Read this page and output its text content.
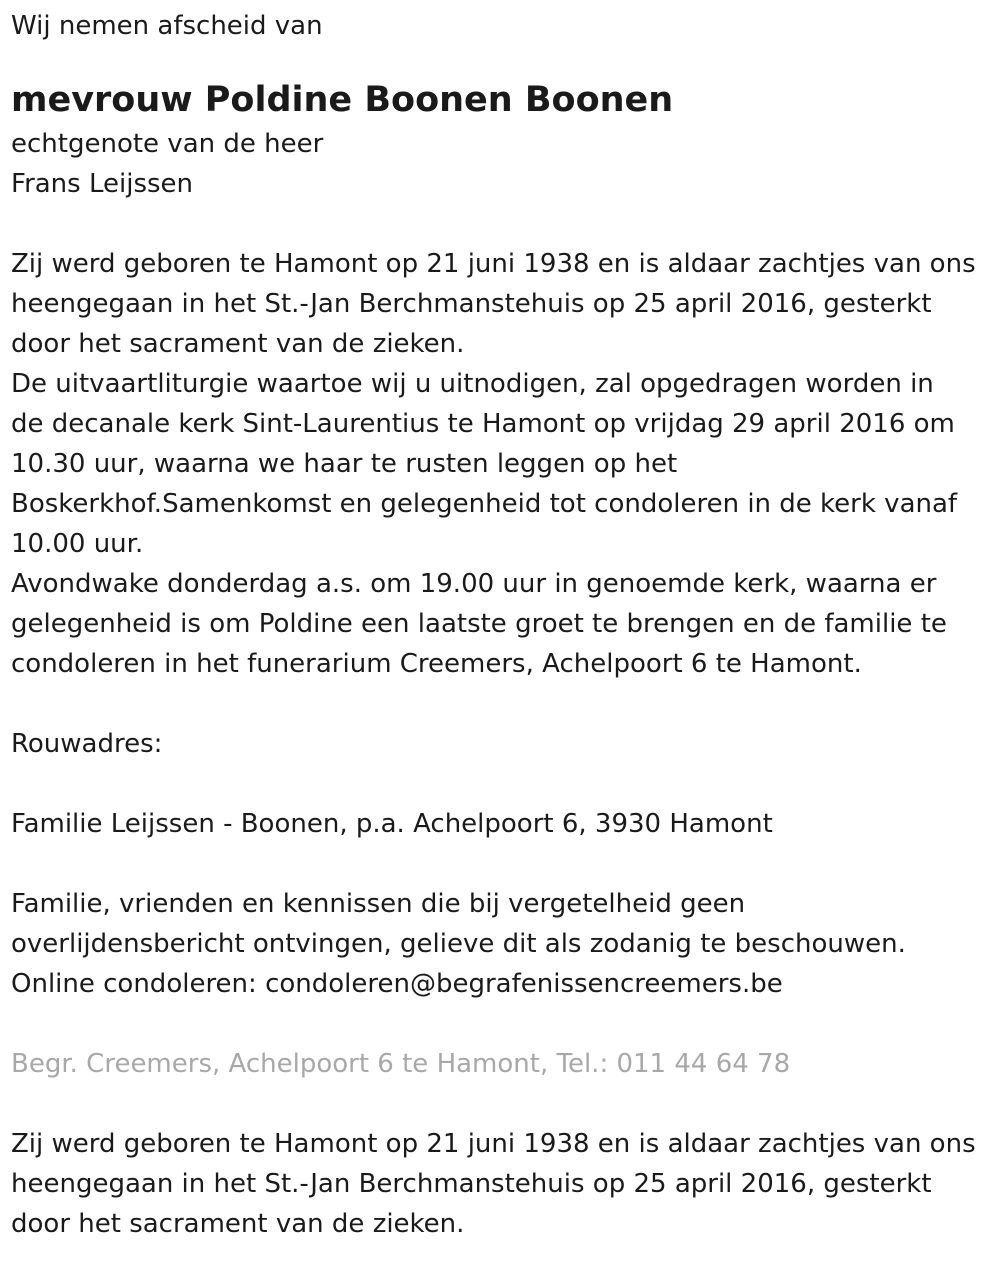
Wij nemen afscheid van

mevrouw Poldine Boonen Boonen

echtgenote van de heer

Frans Leijssen

Zij werd geboren te Hamont op 21 juni 1938 en is aldaar zachtjes van ons

heengegaan in het St.-Jan Berchmanstehuis op 25 april 2016, gesterkt

door het sacrament van de zieken.

De uitvaartliturgie waartoe wij u uitnodigen, zal opgedragen worden in

de decanale kerk Sint-Laurentius te Hamont op vrijdag 29 april 2016 om

10.30 uur, waarna we haar te rusten leggen op het

Boskerkhof.Samenkomst en gelegenheid tot condoleren in de kerk vanaf

10.00 uur.

Avondwake donderdag a.s. om 19.00 uur in genoemde kerk, waarna er

gelegenheid is om Poldine een laatste groet te brengen en de familie te

condoleren in het funerarium Creemers, Achelpoort 6 te Hamont.

Rouwadres:

Familie Leijssen - Boonen, p.a. Achelpoort 6, 3930 Hamont

Familie, vrienden en kennissen die bij vergetelheid geen

overlijdensbericht ontvingen, gelieve dit als zodanig te beschouwen.

Online condoleren: condoleren@begrafenissencreemers.be

Begr. Creemers, Achelpoort 6 te Hamont, Tel.: 011 44 64 78

Zij werd geboren te Hamont op 21 juni 1938 en is aldaar zachtjes van ons

heengegaan in het St.-Jan Berchmanstehuis op 25 april 2016, gesterkt

door het sacrament van de zieken.
